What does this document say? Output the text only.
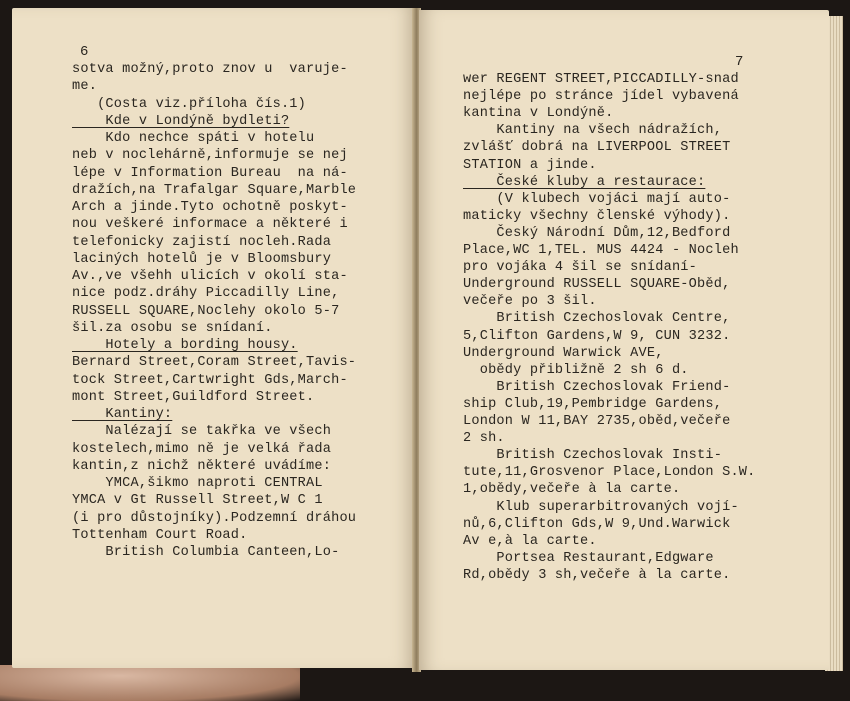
6
sotva možný,proto znov u  varuje-
me.
(Costa viz.příloha čís.1)
Kde v Londýně bydleti?
Kdo nechce spáti v hotelu
neb v noclehárně,informuje se nej
lépe v Information Bureau  na ná-
dražích,na Trafalgar Square,Marble
Arch a jinde.Tyto ochotně poskyt-
nou veškeré informace a některé i
telefonicky zajistí nocleh.Rada
laciných hotelů je v Bloomsbury
Av.,ve všehh ulicích v okolí sta-
nice podz.dráhy Piccadilly Line,
RUSSELL SQUARE,Noclehy okolo 5-7
šil.za osobu se snídaní.
Hotely a bording housy.
Bernard Street,Coram Street,Tavis-
tock Street,Cartwright Gds,March-
mont Street,Guildford Street.
Kantiny:
Nalézají se takřka ve všech
kostelech,mimo ně je velká řada
kantin,z nichž některé uvádíme:
YMCA,šikmo naproti CENTRAL
YMCA v Gt Russell Street,W C 1
(i pro důstojníky).Podzemní dráhou
Tottenham Court Road.
British Columbia Canteen,Lo-
7
wer REGENT STREET,PICCADILLY-snad
nejlépe po stránce jídel vybavená
kantina v Londýně.
Kantiny na všech nádražích,
zvlášť dobrá na LIVERPOOL STREET
STATION a jinde.
České kluby a restaurace:
(V klubech vojáci mají auto-
maticky všechny členské výhody).
Český Národní Dům,12,Bedford
Place,WC 1,TEL. MUS 4424 - Nocleh
pro vojáka 4 šil se snídaní-
Underground RUSSELL SQUARE-Oběd,
večeře po 3 šil.
British Czechoslovak Centre,
5,Clifton Gardens,W 9, CUN 3232.
Underground Warwick AVE,
obědy přibližně 2 sh 6 d.
British Czechoslovak Friend-
ship Club,19,Pembridge Gardens,
London W 11,BAY 2735,oběd,večeře
2 sh.
British Czechoslovak Insti-
tute,11,Grosvenor Place,London S.W.
1,obědy,večeře à la carte.
Klub superarbitrovaných vojí-
nů,6,Clifton Gds,W 9,Und.Warwick
Av e,à la carte.
Portsea Restaurant,Edgware
Rd,obědy 3 sh,večeře à la carte.
